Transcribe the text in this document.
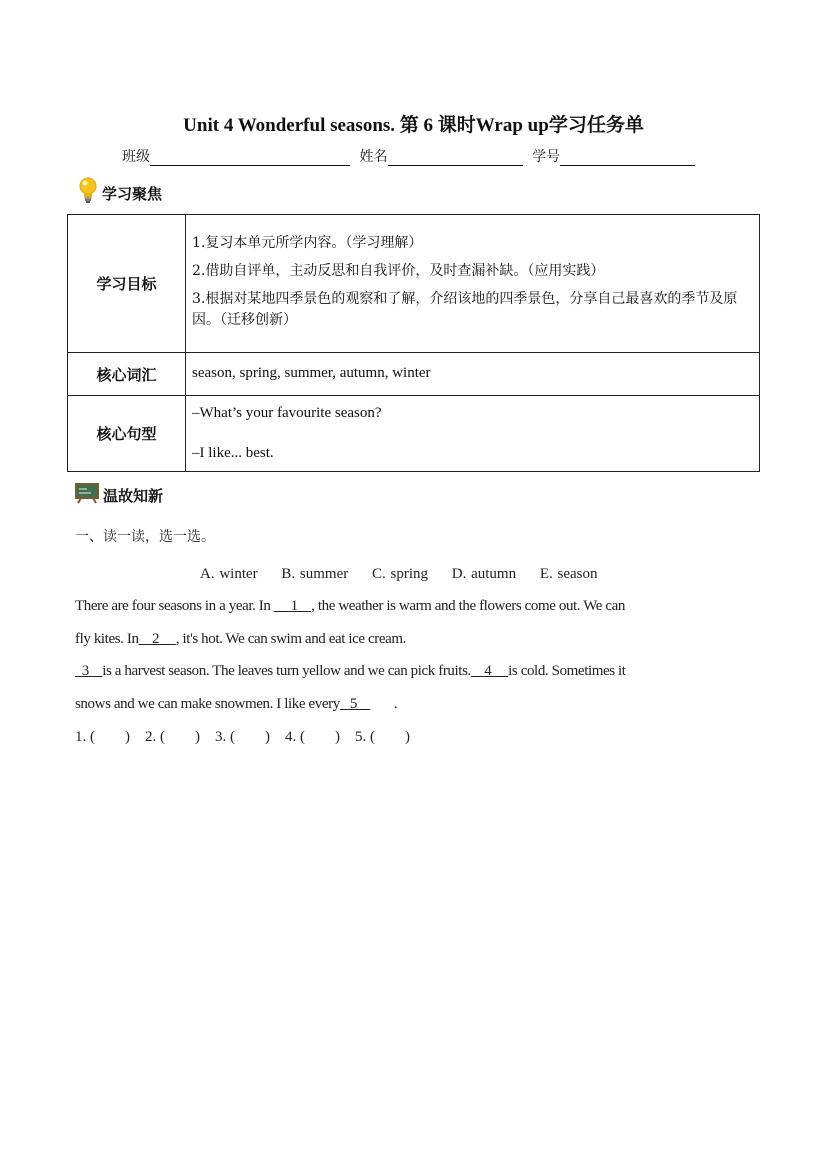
Unit 4 Wonderful seasons. 第 6 课时Wrap up学习任务单
班级	姓名	学号
学习聚焦
学习目标	1.复习本单元所学内容。（学习理解）
2.借助自评单，主动反思和自我评价，及时查漏补缺。（应用实践）
3.根据对某地四季景色的观察和了解，介绍该地的四季景色，分享自己最喜欢的季节及原因。（迁移创新）

核心词汇	season, spring, summer, autumn, winter
核心句型	–What’s your favourite season?
–I like... best.
温故知新
一、读一读，选一选。
A. winter B. summer C. spring D. autumn E. season
There are four seasons in a year. In      1 , the weather is warm and the flowers come out. We can
fly kites. In 2 , it's hot. We can swim and eat ice cream.
3 is a harvest season. The leaves turn yellow and we can pick fruits. 4 is cold. Sometimes it
snows and we can make snowmen. I like every 5 .
1. (        ) 2. (        ) 3. (        ) 4. (        ) 5. (        )
